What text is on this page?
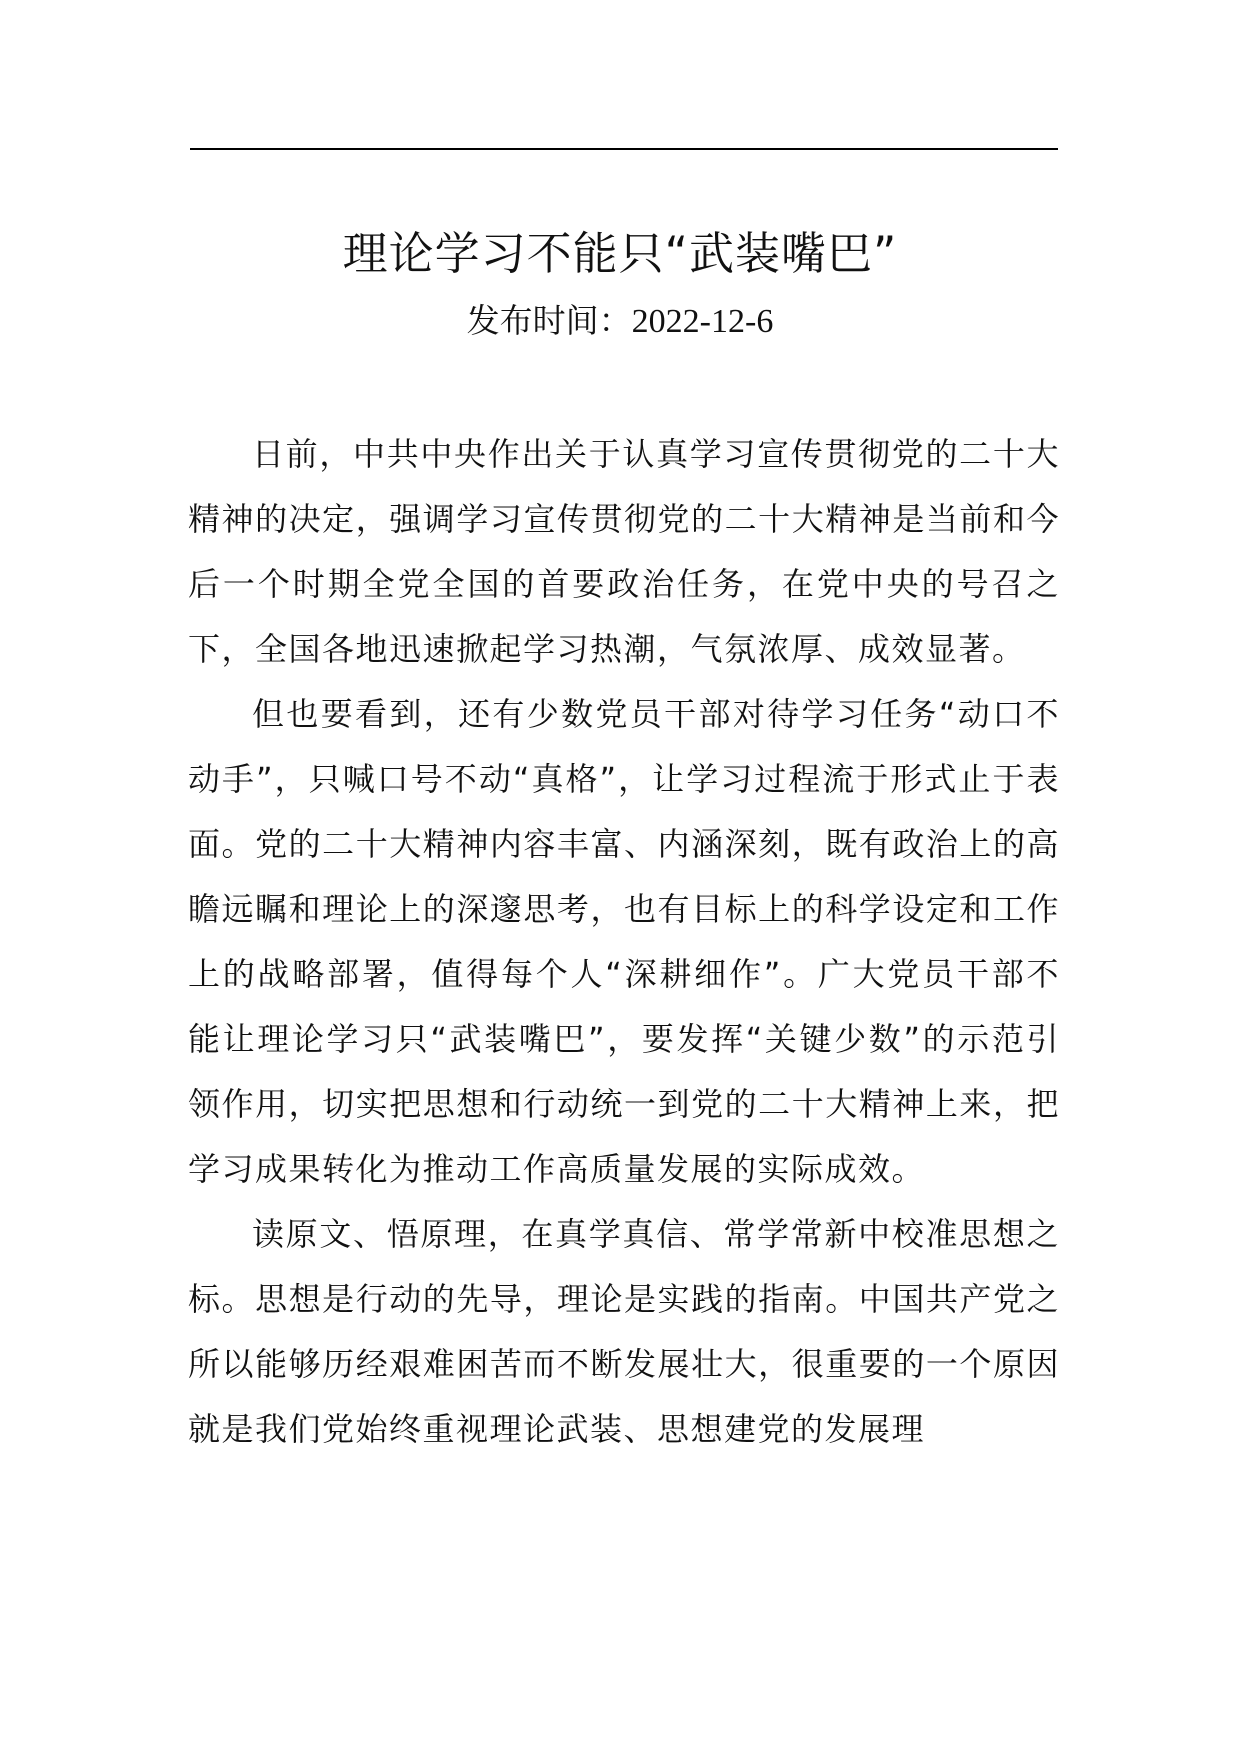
理论学习不能只“武装嘴巴”
发布时间：2022-12-6

日前，中共中央作出关于认真学习宣传贯彻党的二十大精神的决定，强调学习宣传贯彻党的二十大精神是当前和今后一个时期全党全国的首要政治任务，在党中央的号召之下，全国各地迅速掀起学习热潮，气氛浓厚、成效显著。

但也要看到，还有少数党员干部对待学习任务“动口不动手”，只喊口号不动“真格”，让学习过程流于形式止于表面。党的二十大精神内容丰富、内涵深刻，既有政治上的高瞻远瞩和理论上的深邃思考，也有目标上的科学设定和工作上的战略部署，值得每个人“深耕细作”。广大党员干部不能让理论学习只“武装嘴巴”，要发挥“关键少数”的示范引领作用，切实把思想和行动统一到党的二十大精神上来，把学习成果转化为推动工作高质量发展的实际成效。

读原文、悟原理，在真学真信、常学常新中校准思想之标。思想是行动的先导，理论是实践的指南。中国共产党之所以能够历经艰难困苦而不断发展壮大，很重要的一个原因就是我们党始终重视理论武装、思想建党的发展理
